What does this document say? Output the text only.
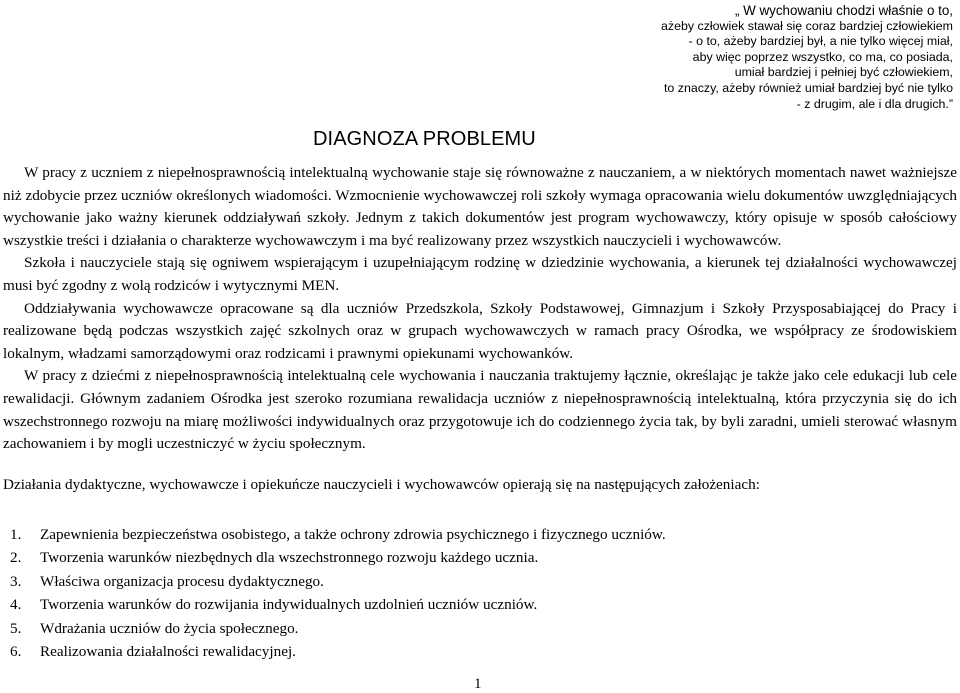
„ W wychowaniu chodzi właśnie o to,
ażeby człowiek stawał się coraz bardziej człowiekiem
- o to, ażeby bardziej był, a nie tylko więcej miał,
aby więc poprzez wszystko, co ma, co posiada,
umiał bardziej i pełniej być człowiekiem,
to znaczy, ażeby również umiał bardziej być nie tylko
- z drugim, ale i dla drugich.”
DIAGNOZA PROBLEMU

W pracy z uczniem z niepełnosprawnością intelektualną wychowanie staje się równoważne z nauczaniem, a w niektórych momentach nawet ważniejsze niż zdobycie przez uczniów określonych wiadomości. Wzmocnienie wychowawczej roli szkoły wymaga opracowania wielu dokumentów uwzględniających wychowanie jako ważny kierunek oddziaływań szkoły. Jednym z takich dokumentów jest program wychowawczy, który opisuje w sposób całościowy wszystkie treści i działania o charakterze wychowawczym i ma być realizowany przez wszystkich nauczycieli i wychowawców.

Szkoła i nauczyciele stają się ogniwem wspierającym i uzupełniającym rodzinę w dziedzinie wychowania, a kierunek tej działalności wychowawczej musi być zgodny z wolą rodziców i wytycznymi MEN.

Oddziaływania wychowawcze opracowane są dla uczniów Przedszkola, Szkoły Podstawowej, Gimnazjum i Szkoły Przysposabiającej do Pracy i realizowane będą podczas wszystkich zajęć szkolnych oraz w grupach wychowawczych w ramach pracy Ośrodka, we współpracy ze środowiskiem lokalnym, władzami samorządowymi oraz rodzicami i prawnymi opiekunami wychowanków.

W pracy z dziećmi z niepełnosprawnością intelektualną cele wychowania i nauczania traktujemy łącznie, określając je także jako cele edukacji lub cele rewalidacji. Głównym zadaniem Ośrodka jest szeroko rozumiana rewalidacja uczniów z niepełnosprawnością intelektualną, która przyczynia się do ich wszechstronnego rozwoju na miarę możliwości indywidualnych oraz przygotowuje ich do codziennego życia tak, by byli zaradni, umieli sterować własnym zachowaniem i by mogli uczestniczyć w życiu społecznym.

Działania dydaktyczne, wychowawcze i opiekuńcze nauczycieli i wychowawców opierają się na następujących założeniach:

1. Zapewnienia bezpieczeństwa osobistego, a także ochrony zdrowia psychicznego i fizycznego uczniów.
2. Tworzenia warunków niezbędnych dla wszechstronnego rozwoju każdego ucznia.
3. Właściwa organizacja procesu dydaktycznego.
4. Tworzenia warunków do rozwijania indywidualnych uzdolnień uczniów uczniów.
5. Wdrażania uczniów do życia społecznego.
6. Realizowania działalności rewalidacyjnej.
1
